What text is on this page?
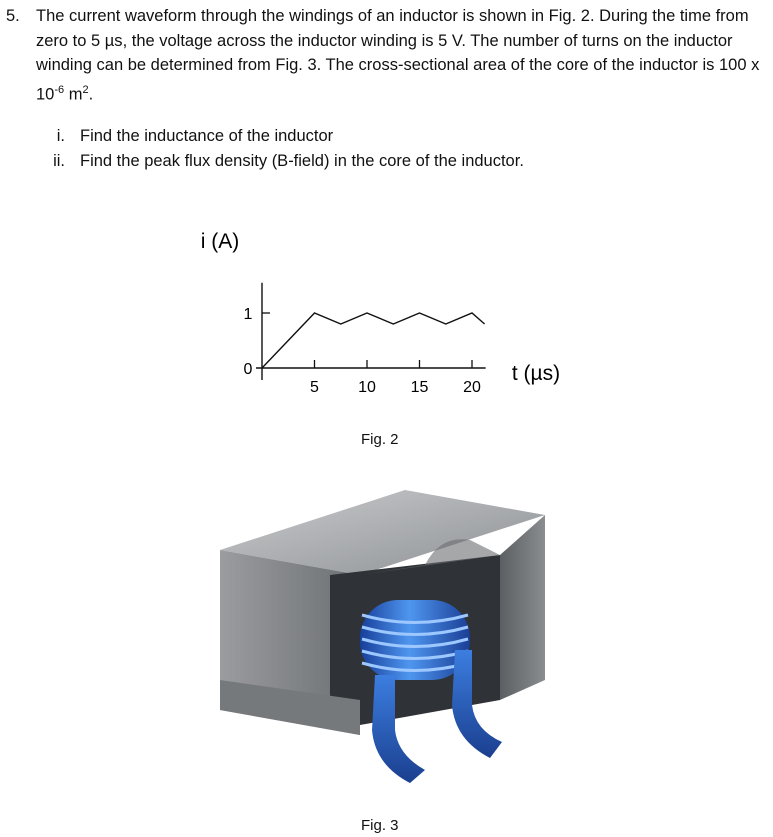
5. The current waveform through the windings of an inductor is shown in Fig. 2. During the time from zero to 5 µs, the voltage across the inductor winding is 5 V. The number of turns on the inductor winding can be determined from Fig. 3. The cross-sectional area of the core of the inductor is 100 x $10^{-6}$ $m^2$.
i. Find the inductance of the inductor
ii. Find the peak flux density (B-field) in the core of the inductor.
i (A)
t (µs)
0
1
5 10 15 20
Fig. 2
Fig. 3
